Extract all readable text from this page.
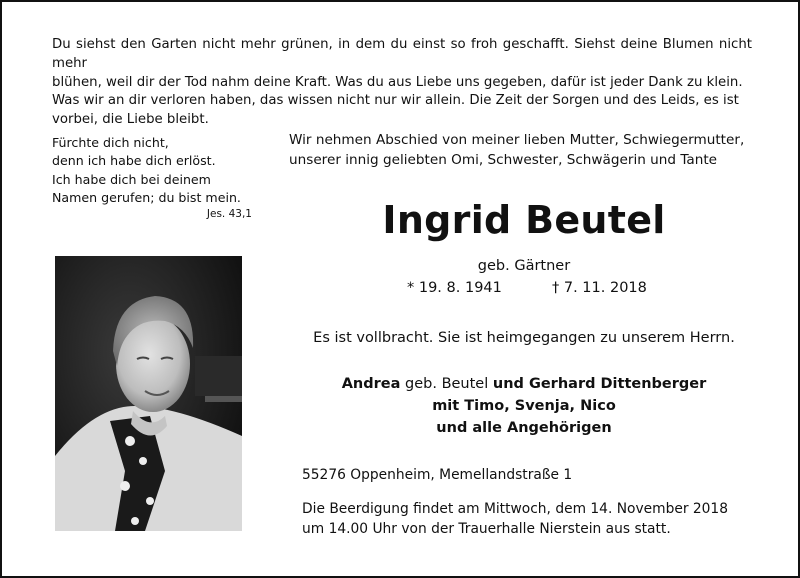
Du siehst den Garten nicht mehr grünen, in dem du einst so froh geschafft. Siehst deine Blumen nicht mehr
blühen, weil dir der Tod nahm deine Kraft. Was du aus Liebe uns gegeben, dafür ist jeder Dank zu klein.
Was wir an dir verloren haben, das wissen nicht nur wir allein. Die Zeit der Sorgen und des Leids, es ist
vorbei, die Liebe bleibt.
Fürchte dich nicht,
denn ich habe dich erlöst.
Ich habe dich bei deinem
Namen gerufen; du bist mein.
Jes. 43,1
Wir nehmen Abschied von meiner lieben Mutter, Schwiegermutter,
unserer innig geliebten Omi, Schwester, Schwägerin und Tante
Ingrid Beutel
geb. Gärtner
* 19. 8. 1941	† 7. 11. 2018
Es ist vollbracht. Sie ist heimgegangen zu unserem Herrn.
Andrea geb. Beutel und Gerhard Dittenberger
mit Timo, Svenja, Nico
und alle Angehörigen
55276 Oppenheim, Memellandstraße 1
Die Beerdigung findet am Mittwoch, dem 14. November 2018
um 14.00 Uhr von der Trauerhalle Nierstein aus statt.
